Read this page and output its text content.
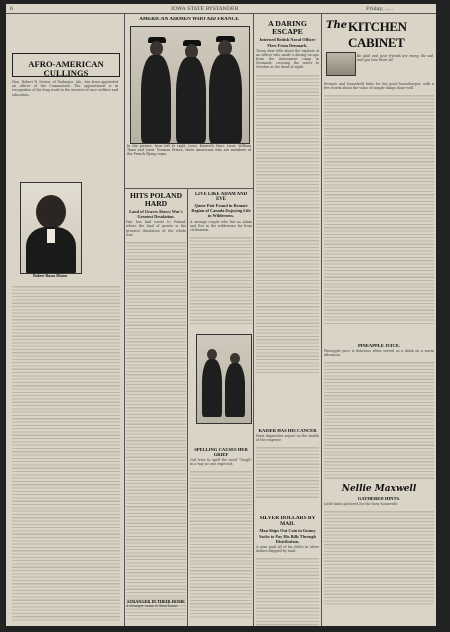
6	IOWA STATE BYSTANDER	Friday, .....
AFRO-AMERICAN CULLINGS
Hon. Robert R. Moton, of Tuskegee, Ala., has been appointed an officer of the Commission. The appointment is in recognition of his long work in the interest of race welfare and education.
Robert Russa Moton
AMERICAN AIRMEN WHO AID FRANCE
In the picture, from left to right, Lieut. Kenneth Marr, Lieut. William Thaw and Lieut. Norman Prince, three Americans who are members of the French flying corps.
HITS POLAND HARD
Land of Graves Shows War's Greatest Desolation.
War has laid waste to Poland, where the land of graves is the greatest desolation of the whole war.
LIVE LIKE ADAM AND EVE
Queer Pair Found in Remote Region of Canada Enjoying Life in Wilderness.
A strange couple who live as Adam and Eve in the wilderness far from civilization.
SPELLING CAUSES HER GRIEF
Girl tries to spell the word "Tough" in a way no one expected.
A DARING ESCAPE
Interned British Naval Officer Flees From Denmark.
Tusen Kerr tells about the exploits of an officer who made a daring escape from the internment camp in Denmark, crossing the water to Sweden in the dead of night.
KAISER HAS HIS CANCER
Paris dispatches report on the health of the emperor.
SILVER DOLLARS BY MAIL
Man Ships Out Coin in Gunny Sacks to Pay His Bills Through Distribution.
A man paid all of his debts in silver dollars shipped by mail.
The KITCHEN
CABINET
Be glad and your friends are many; Be sad and you lose them all.
Recipes and household hints for the good housekeeper, with a few words about the value of simple things done well.
PINEAPPLE JUICE.
Pineapple juice is delicious when served as a drink on a warm afternoon.
Nellie Maxwell
GATHERED HINTS.
Little hints gathered for the busy housewife.
STRANGER IN THEIR HOME
A stranger came to their home.
